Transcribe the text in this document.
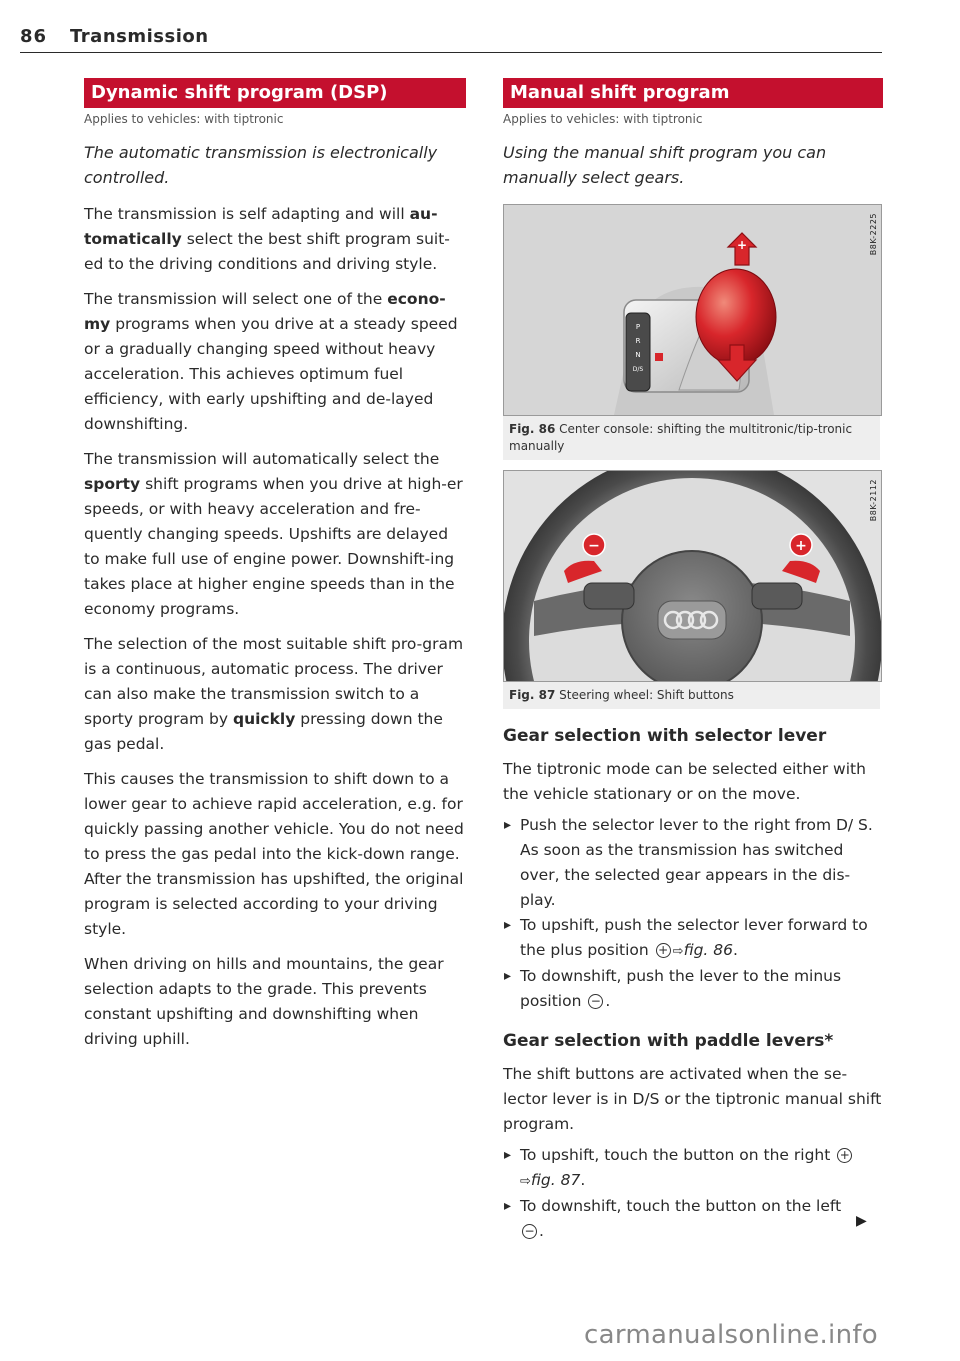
86 Transmission
Dynamic shift program (DSP)
Applies to vehicles: with tiptronic

The automatic transmission is electronically controlled.

The transmission is self adapting and will au-tomatically select the best shift program suit-ed to the driving conditions and driving style.

The transmission will select one of the econo-my programs when you drive at a steady speed or a gradually changing speed without heavy acceleration. This achieves optimum fuel efficiency, with early upshifting and de-layed downshifting.

The transmission will automatically select the sporty shift programs when you drive at high-er speeds, or with heavy acceleration and fre-quently changing speeds. Upshifts are delayed to make full use of engine power. Downshift-ing takes place at higher engine speeds than in the economy programs.

The selection of the most suitable shift pro-gram is a continuous, automatic process. The driver can also make the transmission switch to a sporty program by quickly pressing down the gas pedal.

This causes the transmission to shift down to a lower gear to achieve rapid acceleration, e.g. for quickly passing another vehicle. You do not need to press the gas pedal into the kick-down range. After the transmission has upshifted, the original program is selected according to your driving style.

When driving on hills and mountains, the gear selection adapts to the grade. This prevents constant upshifting and downshifting when driving uphill.

Manual shift program
Applies to vehicles: with tiptronic

Using the manual shift program you can manually select gears.

P
R
N
D/S
+	B8K-2225

Fig. 86 Center console: shifting the multitronic/tip-tronic manually

−	+
B8K-2112

Fig. 87 Steering wheel: Shift buttons

Gear selection with selector lever

The tiptronic mode can be selected either with the vehicle stationary or on the move.

▸ Push the selector lever to the right from D/ S. As soon as the transmission has switched over, the selected gear appears in the dis-play.
▸ To upshift, push the selector lever forward to the plus position + ⇨fig. 86.
▸ To downshift, push the lever to the minus position − .
Gear selection with paddle levers*

The shift buttons are activated when the se-lector lever is in D/S or the tiptronic manual shift program.

▸ To upshift, touch the button on the right +
⇨fig. 87.
▸ To downshift, touch the button on the left
− .
▶
carmanualsonline.info
